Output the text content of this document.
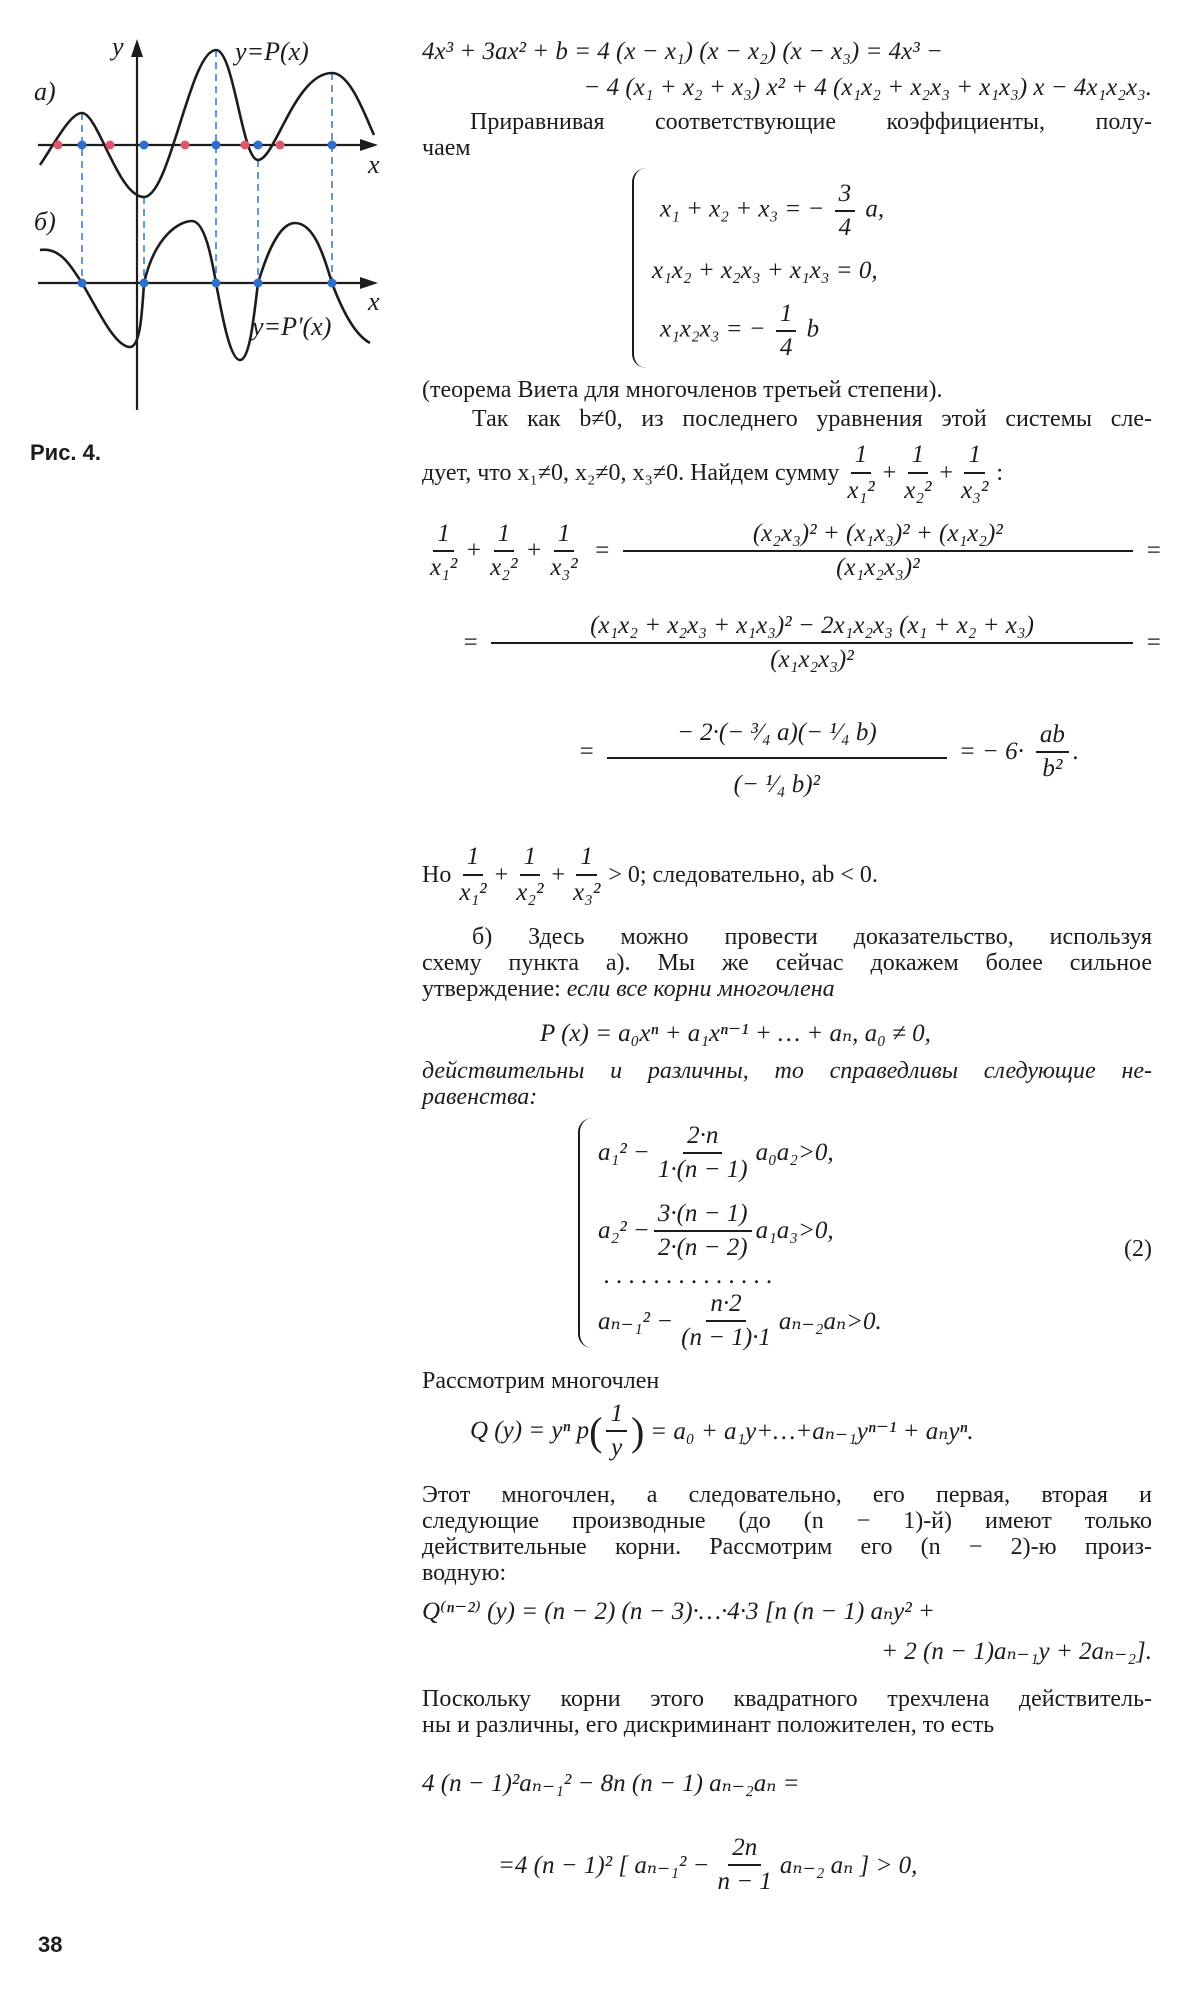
y	y=P(x)
а)
x
б)
x
y=P'(x)
Рис. 4.
4x³ + 3ax² + b = 4 (x − x₁) (x − x₂) (x − x₃) = 4x³ −
− 4 (x₁ + x₂ + x₃) x² + 4 (x₁x₂ + x₂x₃ + x₁x₃) x − 4x₁x₂x₃.
Приравнивая соответствующие коэффициенты, полу-
чаем
x₁ + x₂ + x₃ = − $\frac{3}{4} a$,
x₁x₂ + x₂x₃ + x₁x₃ = 0,
x₁x₂x₃ = − $\frac{1}{4}$ b
(теорема Виета для многочленов третьей степени).
Так как b≠0, из последнего уравнения этой системы сле-
дует, что x₁≠0, x₂≠0, x₃≠0. Найдем сумму $\frac{1}{\text{x₁²}} + \frac{1}{\text{x₂²}} + \frac{1}{\text{x₃²}}$ :
$\frac{1}{\text{x₁²}} + \frac{1}{\text{x₂²}} + \frac{1}{\text{x₃²}} = \frac{\text{(x₂x₃)² + (x₁x₃)² + (x₁x₂)²}}{\text{(x₁x₂x₃)²}}$ =
= $\frac{\text{(x₁x₂ + x₂x₃ + x₁x₃)² − 2x₁x₂x₃ (x₁ + x₂ + x₃)}}{\text{(x₁x₂x₃)²}}$ =
= $\frac{\text{− 2·(− ³⁄₄ a)(− ¹⁄₄ b)}}{\text{(− ¹⁄₄ b)²}}$ = − $6\cdot \frac{ab}{\text{b²}}$ .
Но $\frac{1}{\text{x₁²}} + \frac{1}{\text{x₂²}} + \frac{1}{\text{x₃²}} > 0$; следовательно, ab < 0.
б) Здесь можно провести доказательство, используя
схему пункта а). Мы же сейчас докажем более сильное
утверждение: если все корни многочлена
P (x) = a₀xⁿ + a₁xⁿ⁻¹ + … + aₙ, a₀ ≠ 0,
действительны и различны, то справедливы следующие не-
равенства:
$a_1^2 - \frac{2\cdot n}{1\cdot(n - 1)} a_0a_2>0$,
$a_2^2 - \frac{3\cdot(n - 1)}{2\cdot(n - 2)} a_1a_3>0$,
. . . . . . . . . . . . . .
$a_{n-1}^2 - \frac{n\cdot 2}{(n - 1)\cdot 1} a_{n-2}a_n>0$.
(2)
Рассмотрим многочлен
Q (y) = yⁿ p ( $\frac{1}{y}$ ) = a₀ + a₁y+…+aₙ₋₁yⁿ⁻¹ + aₙyⁿ.
Этот многочлен, а следовательно, его первая, вторая и
следующие производные (до (n − 1)-й) имеют только
действительные корни. Рассмотрим его (n − 2)-ю произ-
водную:
Q⁽ⁿ⁻²⁾ (y) = (n − 2) (n − 3)·…·4·3 [n (n − 1) aₙy² +
+ 2 (n − 1)aₙ₋₁y + 2aₙ₋₂].
Поскольку корни этого квадратного трехчлена действитель-
ны и различны, его дискриминант положителен, то есть
4 (n − 1)²aₙ₋₁² − 8n (n − 1) aₙ₋₂aₙ =
=4 (n − 1)² [ $a_{n-1}^2 - \frac{2n}{n - 1} a_{n-2}$ aₙ ] > 0,
38
